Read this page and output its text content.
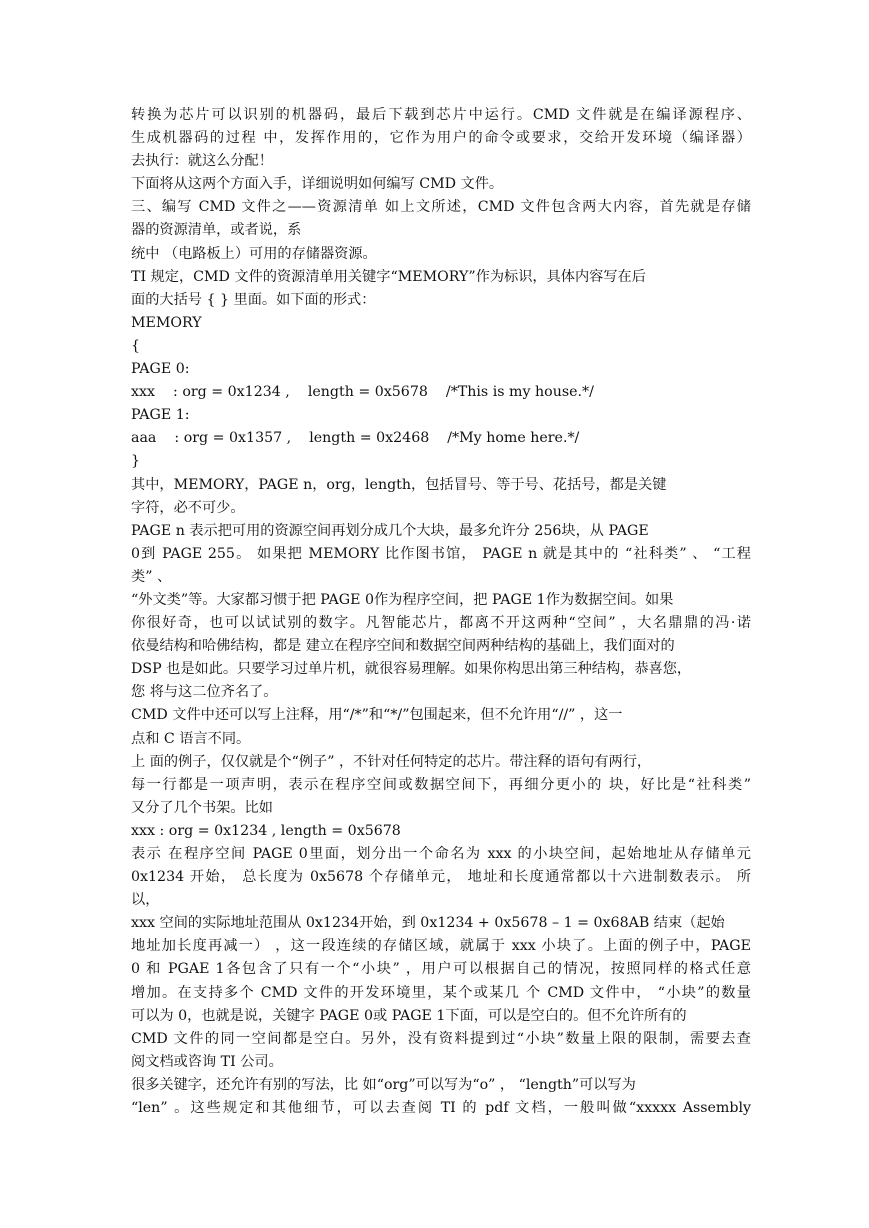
转换为芯片可以识别的机器码，最后下载到芯片中运行。CMD 文件就是在编译源程序、
生成机器码的过程 中，发挥作用的，它作为用户的命令或要求，交给开发环境（编译器）
去执行：就这么分配！
下面将从这两个方面入手，详细说明如何编写 CMD 文件。
三、编写 CMD 文件之——资源清单 如上文所述，CMD 文件包含两大内容，首先就是存储
器的资源清单，或者说，系
统中 （电路板上）可用的存储器资源。
TI 规定，CMD 文件的资源清单用关键字“MEMORY”作为标识，具体内容写在后
面的大括号 { } 里面。如下面的形式：
MEMORY
{
PAGE 0:
xxx    : org = 0x1234 ,    length = 0x5678    /*This is my house.*/
PAGE 1:
aaa    : org = 0x1357 ,    length = 0x2468    /*My home here.*/
}
其中，MEMORY，PAGE n，org，length，包括冒号、等于号、花括号，都是关键
字符，必不可少。
PAGE n 表示把可用的资源空间再划分成几个大块，最多允许分 256块，从 PAGE
0到 PAGE 255。 如果把 MEMORY 比作图书馆， PAGE n 就是其中的 “社科类” 、 “工程
类” 、
“外文类”等。大家都习惯于把 PAGE 0作为程序空间，把 PAGE 1作为数据空间。如果
你很好奇，也可以试试别的数字。凡智能芯片，都离不开这两种“空间” ，大名鼎鼎的冯·诺
依曼结构和哈佛结构，都是 建立在程序空间和数据空间两种结构的基础上，我们面对的
DSP 也是如此。只要学习过单片机，就很容易理解。如果你构思出第三种结构，恭喜您，
您 将与这二位齐名了。
CMD 文件中还可以写上注释，用“/*”和“*/”包围起来，但不允许用“//” ，这一
点和 C 语言不同。
上 面的例子，仅仅就是个“例子” ，不针对任何特定的芯片。带注释的语句有两行，
每一行都是一项声明，表示在程序空间或数据空间下，再细分更小的 块，好比是“社科类”
又分了几个书架。比如
xxx : org = 0x1234 , length = 0x5678
表示 在程序空间 PAGE 0里面，划分出一个命名为 xxx 的小块空间，起始地址从存储单元
0x1234 开始， 总长度为 0x5678 个存储单元， 地址和长度通常都以十六进制数表示。 所
以，
xxx 空间的实际地址范围从 0x1234开始，到 0x1234 + 0x5678 – 1 = 0x68AB 结束（起始
地址加长度再减一） ，这一段连续的存储区域，就属于 xxx 小块了。上面的例子中，PAGE
0 和 PGAE 1各包含了只有一个“小块” ，用户可以根据自己的情况，按照同样的格式任意
增加。在支持多个 CMD 文件的开发环境里，某个或某几 个 CMD 文件中， “小块”的数量
可以为 0，也就是说，关键字 PAGE 0或 PAGE 1下面，可以是空白的。但不允许所有的
CMD 文件的同一空间都是空白。另外，没有资料提到过“小块”数量上限的限制，需要去查
阅文档或咨询 TI 公司。
很多关键字，还允许有别的写法，比 如“org”可以写为“o” ， “length”可以写为
“len” 。这些规定和其他细节，可以去查阅 TI 的 pdf 文档，一般叫做“xxxxx Assembly
